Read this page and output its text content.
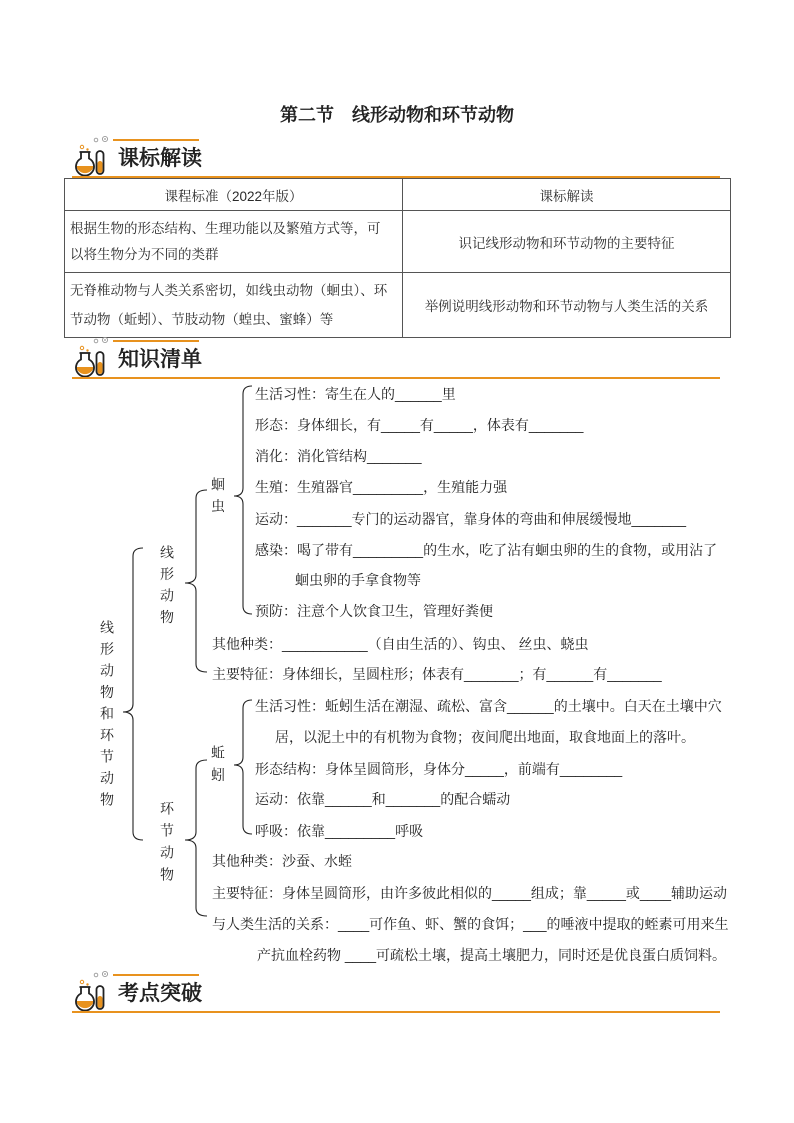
第二节　线形动物和环节动物
课标解读
课程标准（2022年版）	课标解读

根据生物的形态结构、生理功能以及繁殖方式等，可
以将生物分为不同的类群	识记线形动物和环节动物的主要特征

无脊椎动物与人类关系密切，如线虫动物（蛔虫）、环
节动物（蚯蚓）、节肢动物（蝗虫、蜜蜂）等	举例说明线形动物和环节动物与人类生活的关系
知识清单
线形动物和环节动物
线形动物
蛔虫
环节动物
蚯蚓
生活习性：寄生在人的______里
形态：身体细长，有_____有_____，体表有_______
消化：消化管结构_______
生殖：生殖器官_________，生殖能力强
运动：_______专门的运动器官，靠身体的弯曲和伸展缓慢地_______
感染：喝了带有_________的生水，吃了沾有蛔虫卵的生的食物，或用沾了
蛔虫卵的手拿食物等
预防：注意个人饮食卫生，管理好粪便
其他种类：___________（自由生活的）、钩虫、 丝虫、蛲虫
主要特征：身体细长，呈圆柱形；体表有_______；有______有_______
生活习性：蚯蚓生活在潮湿、疏松、富含______的土壤中。白天在土壤中穴
居，以泥土中的有机物为食物；夜间爬出地面，取食地面上的落叶。
形态结构：身体呈圆筒形，身体分_____，前端有________
运动：依靠______和_______的配合蠕动
呼吸：依靠_________呼吸
其他种类：沙蚕、水蛭
主要特征：身体呈圆筒形，由许多彼此相似的_____组成；靠_____或____辅助运动
与人类生活的关系：____可作鱼、虾、蟹的食饵；___的唾液中提取的蛭素可用来生
产抗血栓药物 ____可疏松土壤，提高土壤肥力，同时还是优良蛋白质饲料。
考点突破
